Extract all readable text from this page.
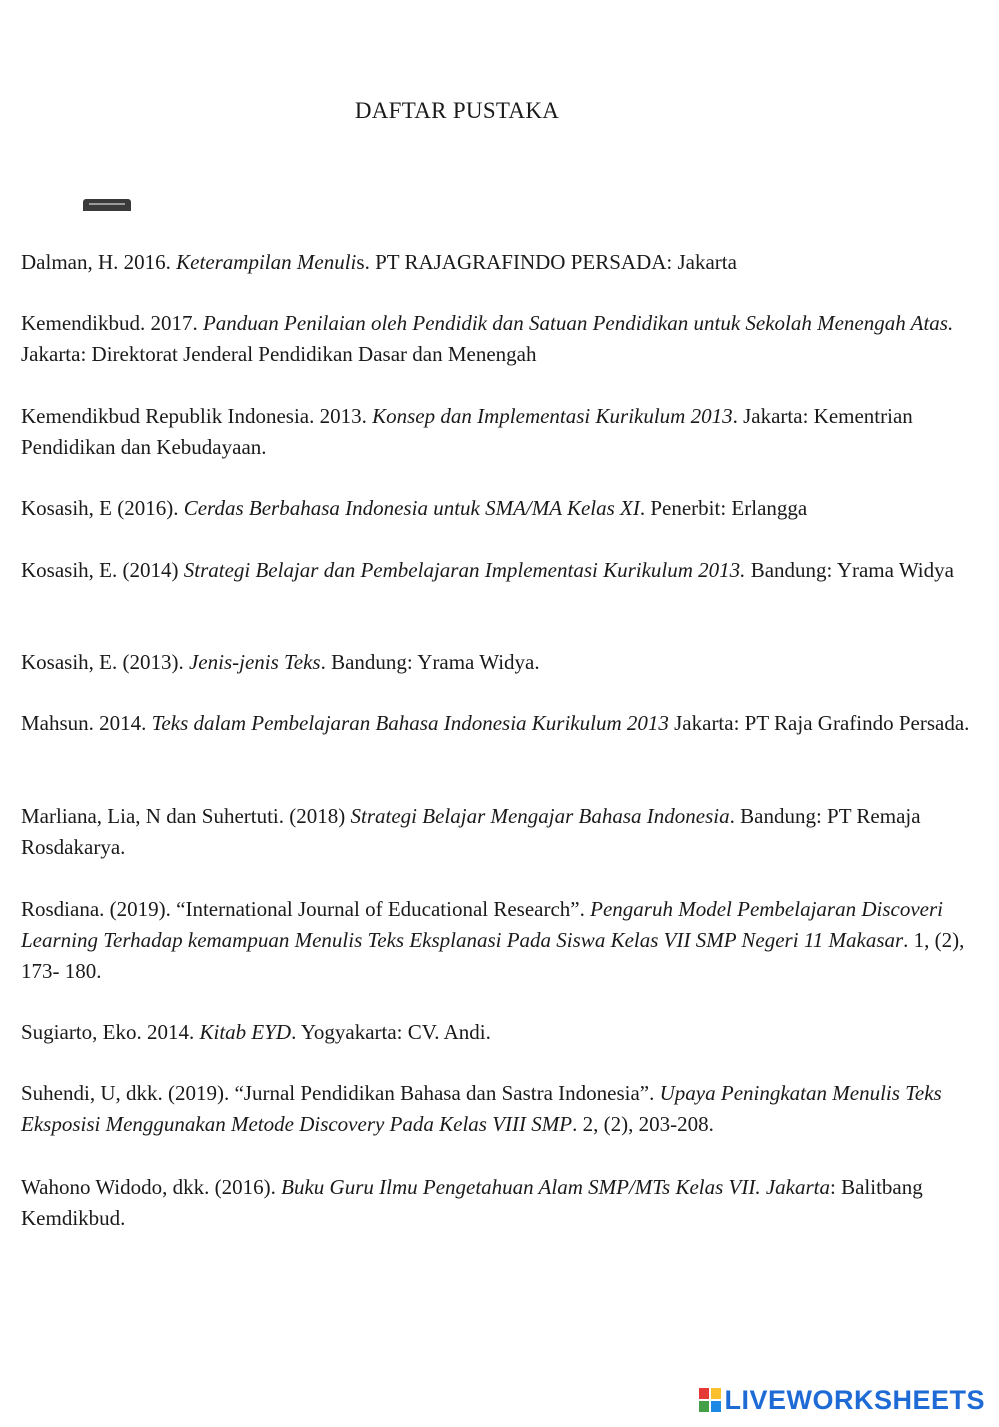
DAFTAR PUSTAKA

Dalman, H. 2016. Keterampilan Menulis. PT RAJAGRAFINDO PERSADA: Jakarta

Kemendikbud. 2017. Panduan Penilaian oleh Pendidik dan Satuan Pendidikan untuk Sekolah Menengah Atas. Jakarta: Direktorat Jenderal Pendidikan Dasar dan Menengah

Kemendikbud Republik Indonesia. 2013. Konsep dan Implementasi Kurikulum 2013. Jakarta: Kementrian Pendidikan dan Kebudayaan.

Kosasih, E (2016). Cerdas Berbahasa Indonesia untuk SMA/MA Kelas XI. Penerbit: Erlangga

Kosasih, E. (2014) Strategi Belajar dan Pembelajaran Implementasi Kurikulum 2013. Bandung: Yrama Widya

Kosasih, E. (2013). Jenis-jenis Teks. Bandung: Yrama Widya.

Mahsun. 2014. Teks dalam Pembelajaran Bahasa Indonesia Kurikulum 2013 Jakarta: PT Raja Grafindo Persada.

Marliana, Lia, N dan Suhertuti. (2018) Strategi Belajar Mengajar Bahasa Indonesia. Bandung: PT Remaja Rosdakarya.

Rosdiana. (2019). “International Journal of Educational Research”. Pengaruh Model Pembelajaran Discoveri Learning Terhadap kemampuan Menulis Teks Eksplanasi Pada Siswa Kelas VII SMP Negeri 11 Makasar. 1, (2), 173- 180.

Sugiarto, Eko. 2014. Kitab EYD. Yogyakarta: CV. Andi.

Suhendi, U, dkk. (2019). “Jurnal Pendidikan Bahasa dan Sastra Indonesia”. Upaya Peningkatan Menulis Teks Eksposisi Menggunakan Metode Discovery Pada Kelas VIII SMP. 2, (2), 203-208.

Wahono Widodo, dkk. (2016). Buku Guru Ilmu Pengetahuan Alam SMP/MTs Kelas VII. Jakarta: Balitbang Kemdikbud.

LIVEWORKSHEETS
